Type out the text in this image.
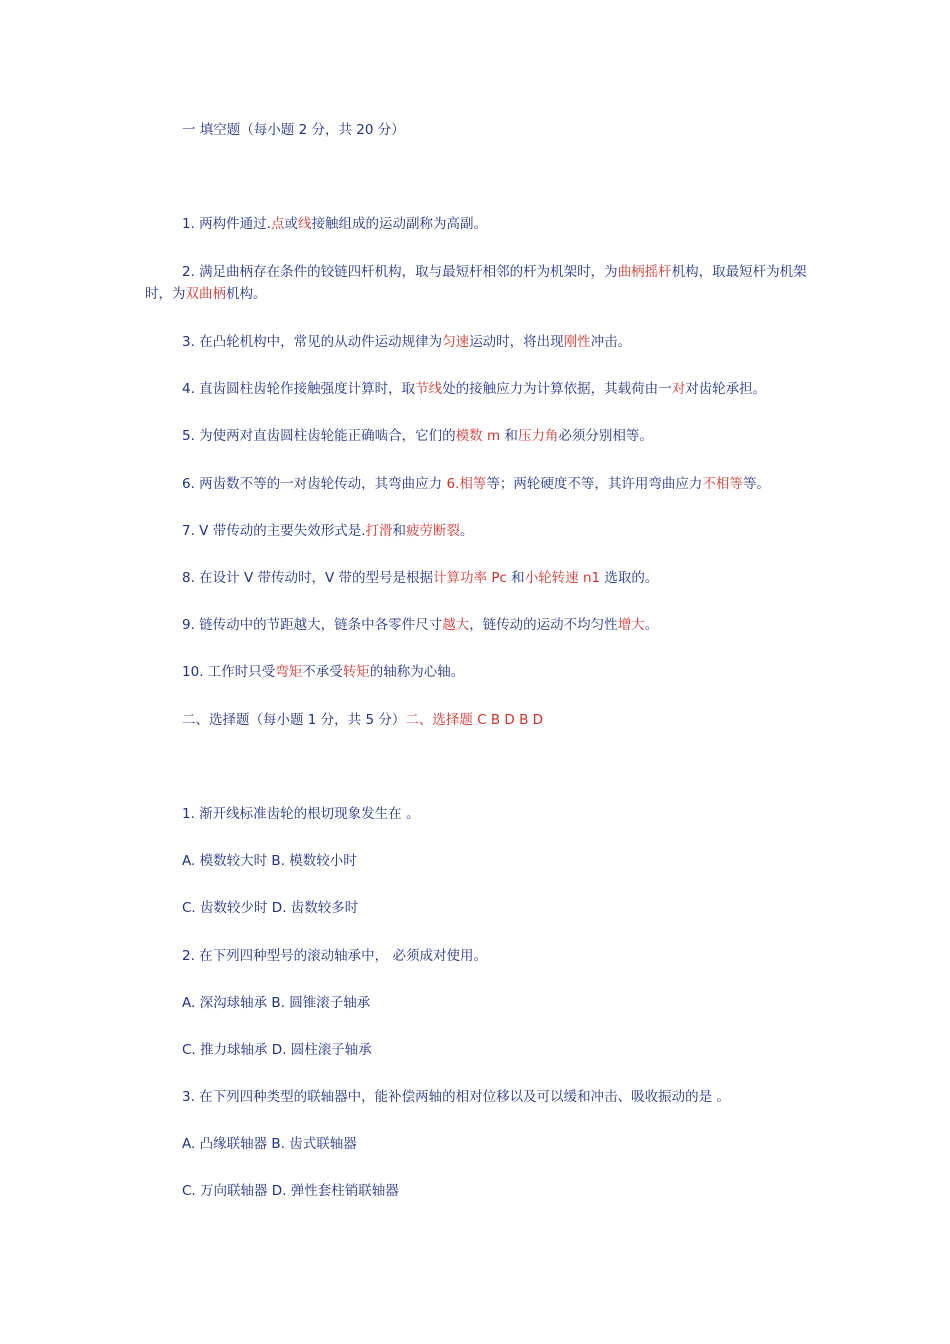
一 填空题（每小题 2 分，共 20 分）
1. 两构件通过.点或线接触组成的运动副称为高副。
2. 满足曲柄存在条件的铰链四杆机构，取与最短杆相邻的杆为机架时，为曲柄摇杆机构，取最短杆为机架时，为双曲柄机构。
3. 在凸轮机构中，常见的从动件运动规律为匀速运动时，将出现刚性冲击。
4. 直齿圆柱齿轮作接触强度计算时，取节线处的接触应力为计算依据，其载荷由一对对齿轮承担。
5. 为使两对直齿圆柱齿轮能正确啮合，它们的模数 m 和压力角必须分别相等。
6. 两齿数不等的一对齿轮传动，其弯曲应力 6.相等等；两轮硬度不等，其许用弯曲应力不相等等。
7. V 带传动的主要失效形式是.打滑和疲劳断裂。
8. 在设计 V 带传动时，V 带的型号是根据计算功率 Pc 和小轮转速 n1 选取的。
9. 链传动中的节距越大，链条中各零件尺寸越大，链传动的运动不均匀性增大。
10. 工作时只受弯矩不承受转矩的轴称为心轴。
二、选择题（每小题 1 分，共 5 分）二、选择题 C B D B D
1. 渐开线标准齿轮的根切现象发生在 。
A. 模数较大时 B. 模数较小时
C. 齿数较少时 D. 齿数较多时
2. 在下列四种型号的滚动轴承中， 必须成对使用。
A. 深沟球轴承 B. 圆锥滚子轴承
C. 推力球轴承 D. 圆柱滚子轴承
3. 在下列四种类型的联轴器中，能补偿两轴的相对位移以及可以缓和冲击、吸收振动的是 。
A. 凸缘联轴器 B. 齿式联轴器
C. 万向联轴器 D. 弹性套柱销联轴器
